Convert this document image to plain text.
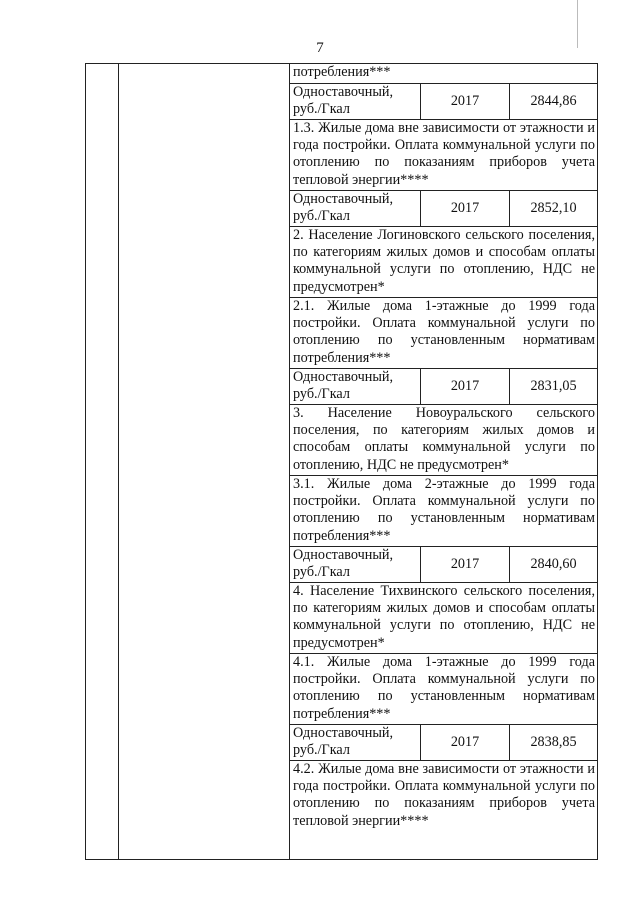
7
потребления***
Одноставочный,
руб./Гкал
2017	2844,86
1.3. Жилые дома вне зависимости от этажности и года постройки. Оплата коммунальной услуги по отоплению по показаниям приборов учета тепловой энергии****
Одноставочный,
руб./Гкал
2017	2852,10
2. Население Логиновского сельского поселения, по категориям жилых домов и способам оплаты коммунальной услуги по отоплению, НДС не предусмотрен*
2.1. Жилые дома 1-этажные до 1999 года постройки. Оплата коммунальной услуги по отоплению по установленным нормативам потребления***
Одноставочный,
руб./Гкал
2017	2831,05
3. Население Новоуральского сельского поселения, по категориям жилых домов и способам оплаты коммунальной услуги по отоплению, НДС не предусмотрен*
3.1. Жилые дома 2-этажные до 1999 года постройки. Оплата коммунальной услуги по отоплению по установленным нормативам потребления***
Одноставочный,
руб./Гкал
2017	2840,60
4. Население Тихвинского сельского поселения, по категориям жилых домов и способам оплаты коммунальной услуги по отоплению, НДС не предусмотрен*
4.1. Жилые дома 1-этажные до 1999 года постройки. Оплата коммунальной услуги по отоплению по установленным нормативам потребления***
Одноставочный,
руб./Гкал
2017	2838,85
4.2. Жилые дома вне зависимости от этажности и года постройки. Оплата коммунальной услуги по отоплению по показаниям приборов учета тепловой энергии****
